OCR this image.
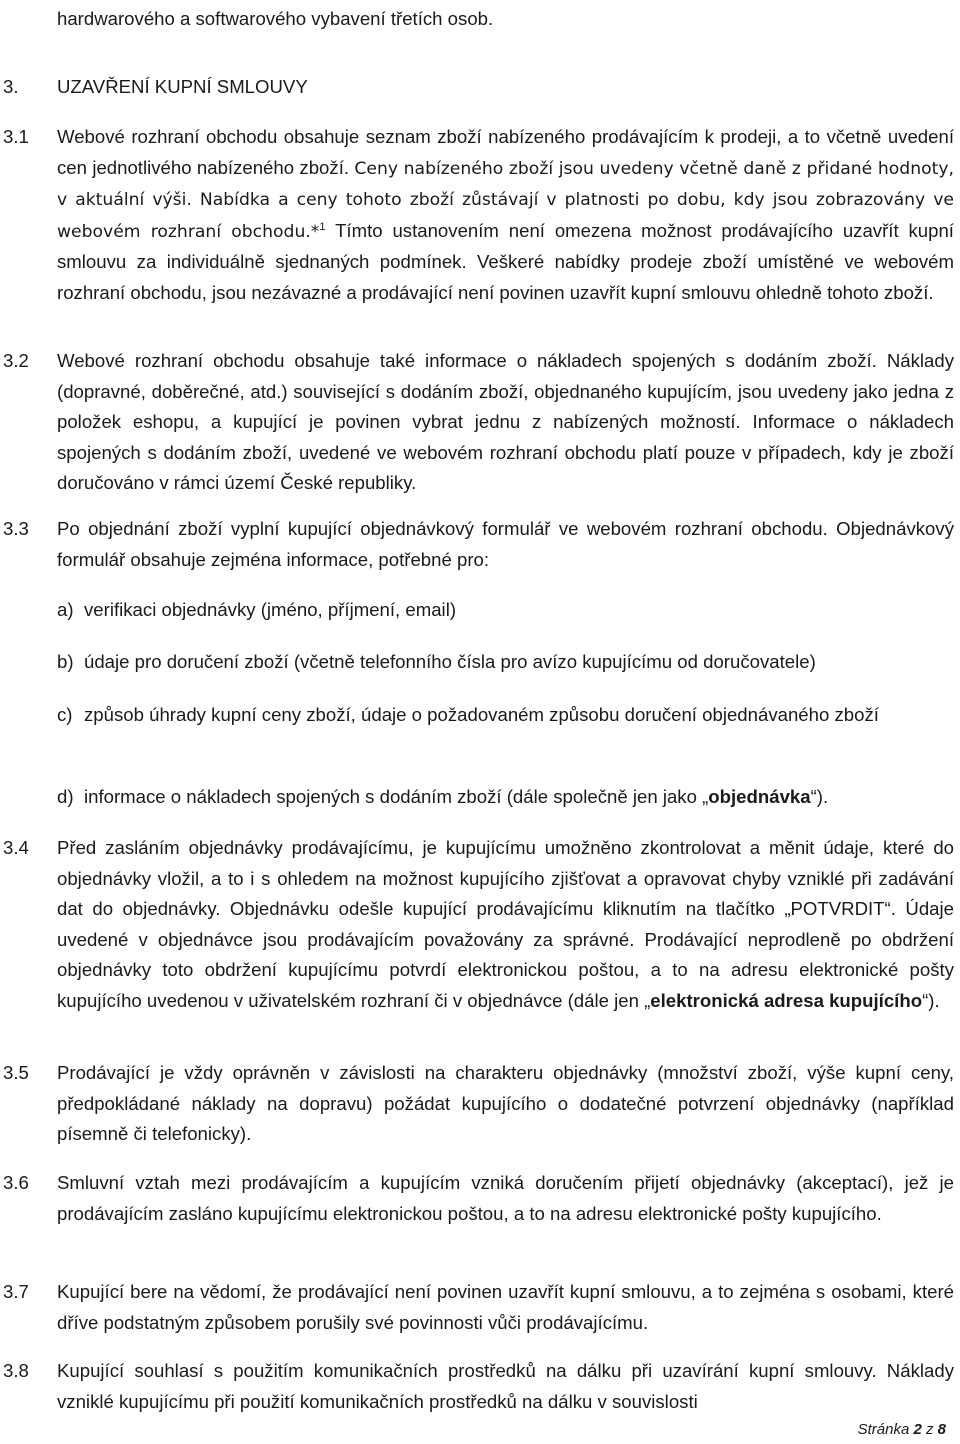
hardwarového a softwarového vybavení třetích osob.
3.	UZAVŘENÍ KUPNÍ SMLOUVY
3.1 Webové rozhraní obchodu obsahuje seznam zboží nabízeného prodávajícím k prodeji, a to včetně uvedení cen jednotlivého nabízeného zboží. Ceny nabízeného zboží jsou uvedeny včetně daně z přidané hodnoty, v aktuální výši. Nabídka a ceny tohoto zboží zůstávají v platnosti po dobu, kdy jsou zobrazovány ve webovém rozhraní obchodu.*$^1$ Tímto ustanovením není omezena možnost prodávajícího uzavřít kupní smlouvu za individuálně sjednaných podmínek. Veškeré nabídky prodeje zboží umístěné ve webovém rozhraní obchodu, jsou nezávazné a prodávající není povinen uzavřít kupní smlouvu ohledně tohoto zboží.
3.2 Webové rozhraní obchodu obsahuje také informace o nákladech spojených s dodáním zboží. Náklady (dopravné, doběrečné, atd.) související s dodáním zboží, objednaného kupujícím, jsou uvedeny jako jedna z položek eshopu, a kupující je povinen vybrat jednu z nabízených možností. Informace o nákladech spojených s dodáním zboží, uvedené ve webovém rozhraní obchodu platí pouze v případech, kdy je zboží doručováno v rámci území České republiky.
3.3 Po objednání zboží vyplní kupující objednávkový formulář ve webovém rozhraní obchodu. Objednávkový formulář obsahuje zejména informace, potřebné pro:
a) verifikaci objednávky (jméno, příjmení, email)
b) údaje pro doručení zboží (včetně telefonního čísla pro avízo kupujícímu od doručovatele)
c) způsob úhrady kupní ceny zboží, údaje o požadovaném způsobu doručení objednávaného zboží
d) informace o nákladech spojených s dodáním zboží (dále společně jen jako „objednávka“).
3.4 Před zasláním objednávky prodávajícímu, je kupujícímu umožněno zkontrolovat a měnit údaje, které do objednávky vložil, a to i s ohledem na možnost kupujícího zjišťovat a opravovat chyby vzniklé při zadávání dat do objednávky. Objednávku odešle kupující prodávajícímu kliknutím na tlačítko „POTVRDIT“. Údaje uvedené v objednávce jsou prodávajícím považovány za správné. Prodávající neprodleně po obdržení objednávky toto obdržení kupujícímu potvrdí elektronickou poštou, a to na adresu elektronické pošty kupujícího uvedenou v uživatelském rozhraní či v objednávce (dále jen „elektronická adresa kupujícího“).
3.5 Prodávající je vždy oprávněn v závislosti na charakteru objednávky (množství zboží, výše kupní ceny, předpokládané náklady na dopravu) požádat kupujícího o dodatečné potvrzení objednávky (například písemně či telefonicky).
3.6 Smluvní vztah mezi prodávajícím a kupujícím vzniká doručením přijetí objednávky (akceptací), jež je prodávajícím zasláno kupujícímu elektronickou poštou, a to na adresu elektronické pošty kupujícího.
3.7 Kupující bere na vědomí, že prodávající není povinen uzavřít kupní smlouvu, a to zejména s osobami, které dříve podstatným způsobem porušily své povinnosti vůči prodávajícímu.
3.8 Kupující souhlasí s použitím komunikačních prostředků na dálku při uzavírání kupní smlouvy. Náklady vzniklé kupujícímu při použití komunikačních prostředků na dálku v souvislosti
Stránka 2 z 8
